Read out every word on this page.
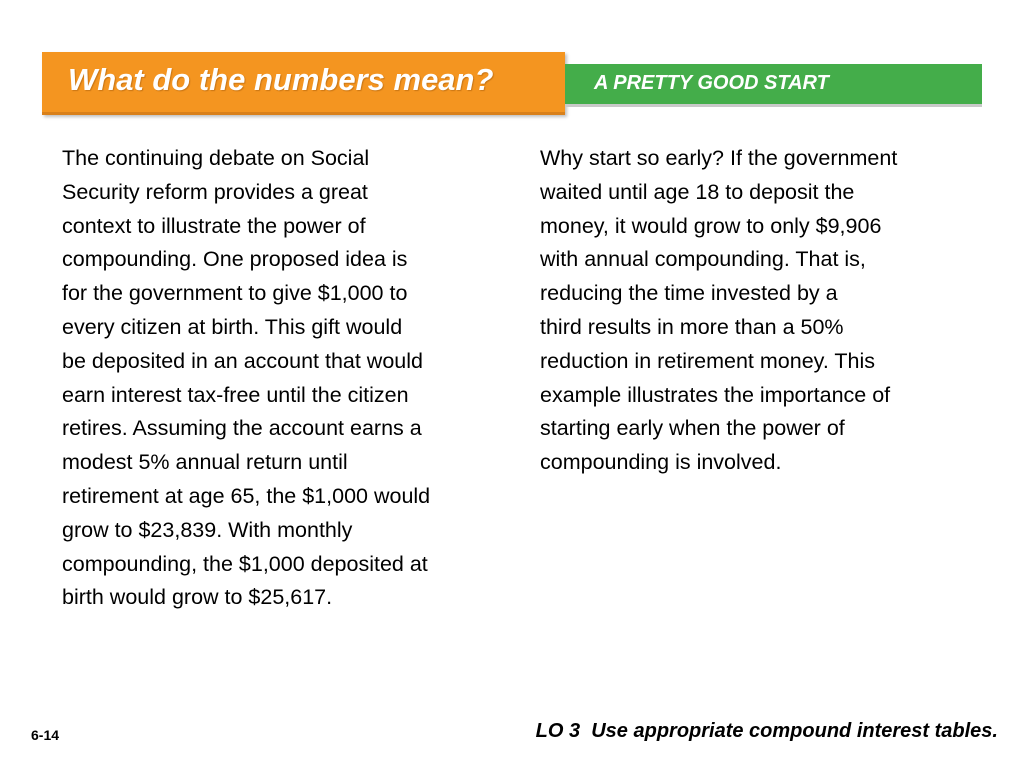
What do the numbers mean?	A PRETTY GOOD START
The continuing debate on Social
Security reform provides a great
context to illustrate the power of
compounding. One proposed idea is
for the government to give $1,000 to
every citizen at birth. This gift would
be deposited in an account that would
earn interest tax-free until the citizen
retires. Assuming the account earns a
modest 5% annual return until
retirement at age 65, the $1,000 would
grow to $23,839. With monthly
compounding, the $1,000 deposited at
birth would grow to $25,617.
Why start so early? If the government
waited until age 18 to deposit the
money, it would grow to only $9,906
with annual compounding. That is,
reducing the time invested by a
third results in more than a 50%
reduction in retirement money. This
example illustrates the importance of
starting early when the power of
compounding is involved.
6-14	LO 3  Use appropriate compound interest tables.
